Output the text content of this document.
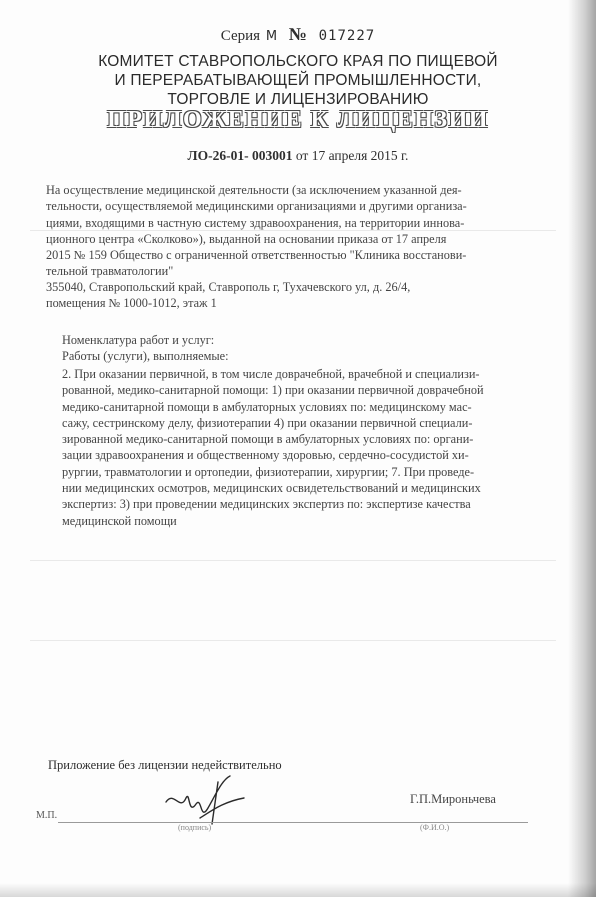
Серия М № 017227
КОМИТЕТ СТАВРОПОЛЬСКОГО КРАЯ ПО ПИЩЕВОЙ
И ПЕРЕРАБАТЫВАЮЩЕЙ ПРОМЫШЛЕННОСТИ,
ТОРГОВЛЕ И ЛИЦЕНЗИРОВАНИЮ
ПРИЛОЖЕНИЕ К ЛИЦЕНЗИИ
ЛО-26-01- 003001 от 17 апреля 2015 г.
На осуществление медицинской деятельности (за исключением указанной дея-
тельности, осуществляемой медицинскими организациями и другими организа-
циями, входящими в частную систему здравоохранения, на территории иннова-
ционного центра «Сколково»), выданной на основании приказа от 17 апреля
2015 № 159 Общество с ограниченной ответственностью "Клиника восстанови-
тельной травматологии"
355040, Ставропольский край, Ставрополь г, Тухачевского ул, д. 26/4,
помещения № 1000-1012, этаж 1
Номенклатура работ и услуг:
Работы (услуги), выполняемые:
2. При оказании первичной, в том числе доврачебной, врачебной и специализи-
рованной, медико-санитарной помощи: 1) при оказании первичной доврачебной
медико-санитарной помощи в амбулаторных условиях по: медицинскому мас-
сажу, сестринскому делу, физиотерапии 4) при оказании первичной специали-
зированной медико-санитарной помощи в амбулаторных условиях по: органи-
зации здравоохранения и общественному здоровью, сердечно-сосудистой хи-
рургии, травматологии и ортопедии, физиотерапии, хирургии; 7. При проведе-
нии медицинских осмотров, медицинских освидетельствований и медицинских
экспертиз: 3) при проведении медицинских экспертиз по: экспертизе качества
медицинской помощи
Приложение без лицензии недействительно
Г.П.Мироньчева
М.П.
(подпись)	(Ф.И.О.)
